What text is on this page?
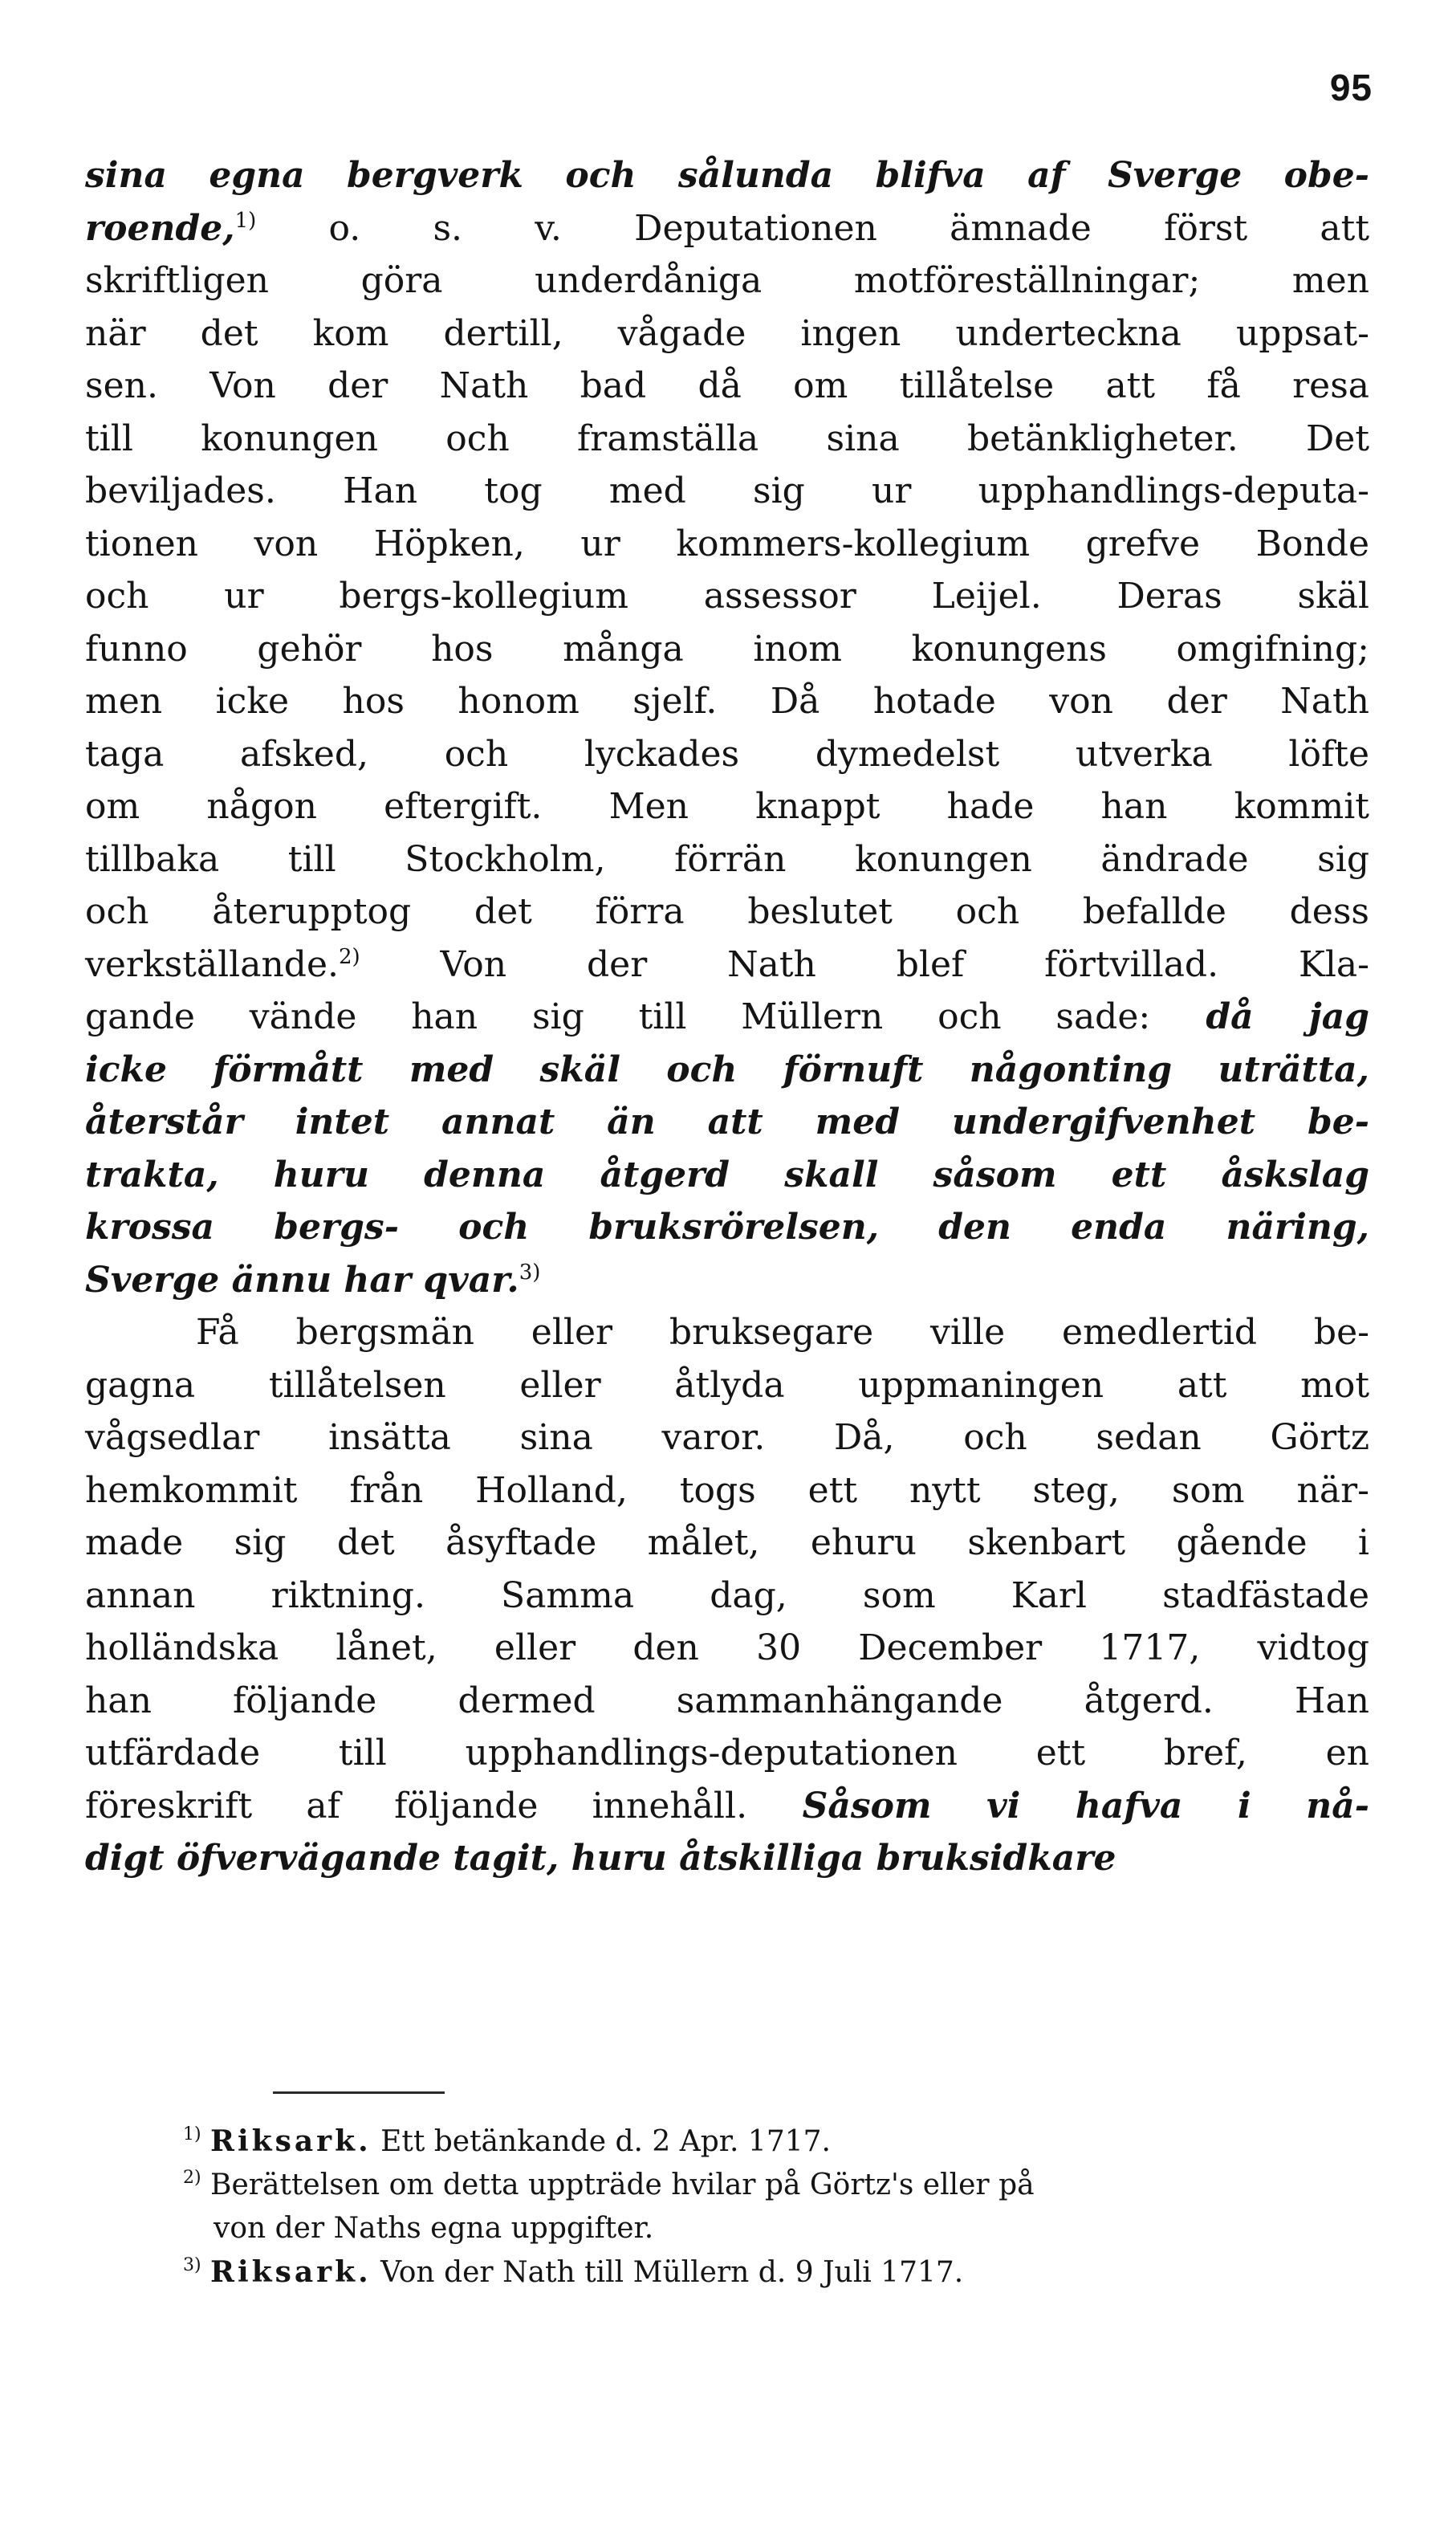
95
sina egna bergverk och sålunda blifva af Sverge obe-
roende,$^{1)}$ o. s. v. Deputationen ämnade först att
skriftligen göra underdåniga motföreställningar; men
när det kom dertill, vågade ingen underteckna uppsat-
sen. Von der Nath bad då om tillåtelse att få resa
till konungen och framställa sina betänkligheter. Det
beviljades. Han tog med sig ur upphandlings-deputa-
tionen von Höpken, ur kommers-kollegium grefve Bonde
och ur bergs-kollegium assessor Leijel. Deras skäl
funno gehör hos många inom konungens omgifning;
men icke hos honom sjelf. Då hotade von der Nath
taga afsked, och lyckades dymedelst utverka löfte
om någon eftergift. Men knappt hade han kommit
tillbaka till Stockholm, förrän konungen ändrade sig
och återupptog det förra beslutet och befallde dess
verkställande.$^{2)}$ Von der Nath blef förtvillad. Kla-
gande vände han sig till Müllern och sade: då jag
icke förmått med skäl och förnuft någonting uträtta,
återstår intet annat än att med undergifvenhet be-
trakta, huru denna åtgerd skall såsom ett åskslag
krossa bergs- och bruksrörelsen, den enda näring,
Sverge ännu har qvar.$^{3)}$
Få bergsmän eller bruksegare ville emedlertid be-
gagna tillåtelsen eller åtlyda uppmaningen att mot
vågsedlar insätta sina varor. Då, och sedan Görtz
hemkommit från Holland, togs ett nytt steg, som när-
made sig det åsyftade målet, ehuru skenbart gående i
annan riktning. Samma dag, som Karl stadfästade
holländska lånet, eller den 30 December 1717, vidtog
han följande dermed sammanhängande åtgerd. Han
utfärdade till upphandlings-deputationen ett bref, en
föreskrift af följande innehåll. Såsom vi hafva i nå-
digt öfvervägande tagit, huru åtskilliga bruksidkare
$^{1)}$ Riksark. Ett betänkande d. 2 Apr. 1717.
$^{2)}$ Berättelsen om detta uppträde hvilar på Görtz's eller på
von der Naths egna uppgifter.
$^{3)}$ Riksark. Von der Nath till Müllern d. 9 Juli 1717.
